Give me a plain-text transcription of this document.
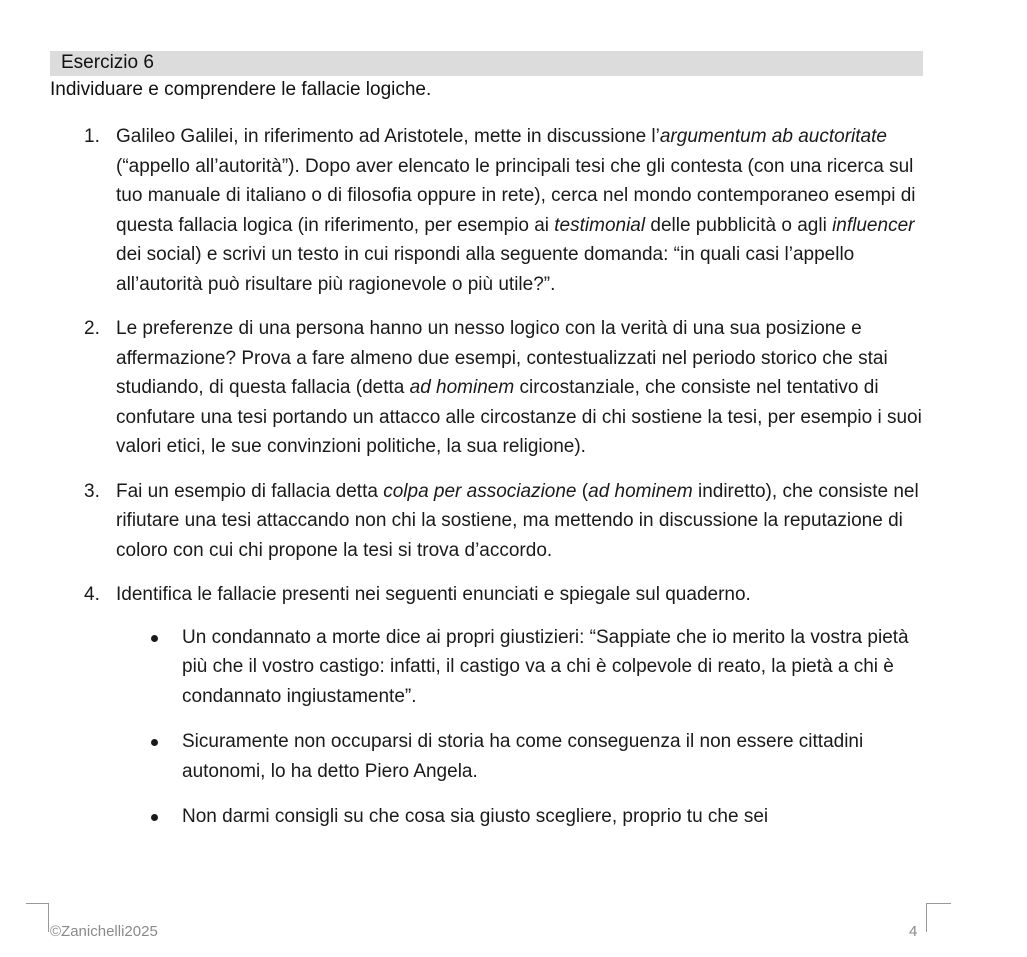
Esercizio 6
Individuare e comprendere le fallacie logiche.
1. Galileo Galilei, in riferimento ad Aristotele, mette in discussione l’argumentum ab auctoritate (“appello all’autorità”). Dopo aver elencato le principali tesi che gli contesta (con una ricerca sul tuo manuale di italiano o di filosofia oppure in rete), cerca nel mondo contemporaneo esempi di questa fallacia logica (in riferimento, per esempio ai testimonial delle pubblicità o agli influencer dei social) e scrivi un testo in cui rispondi alla seguente domanda: “in quali casi l’appello all’autorità può risultare più ragionevole o più utile?”.
2. Le preferenze di una persona hanno un nesso logico con la verità di una sua posizione e affermazione? Prova a fare almeno due esempi, contestualizzati nel periodo storico che stai studiando, di questa fallacia (detta ad hominem circostanziale, che consiste nel tentativo di confutare una tesi portando un attacco alle circostanze di chi sostiene la tesi, per esempio i suoi valori etici, le sue convinzioni politiche, la sua religione).
3. Fai un esempio di fallacia detta colpa per associazione (ad hominem indiretto), che consiste nel rifiutare una tesi attaccando non chi la sostiene, ma mettendo in discussione la reputazione di coloro con cui chi propone la tesi si trova d’accordo.
4. Identifica le fallacie presenti nei seguenti enunciati e spiegale sul quaderno.
Un condannato a morte dice ai propri giustizieri: “Sappiate che io merito la vostra pietà più che il vostro castigo: infatti, il castigo va a chi è colpevole di reato, la pietà a chi è condannato ingiustamente”.
Sicuramente non occuparsi di storia ha come conseguenza il non essere cittadini autonomi, lo ha detto Piero Angela.
Non darmi consigli su che cosa sia giusto scegliere, proprio tu che sei
©Zanichelli2025	4
